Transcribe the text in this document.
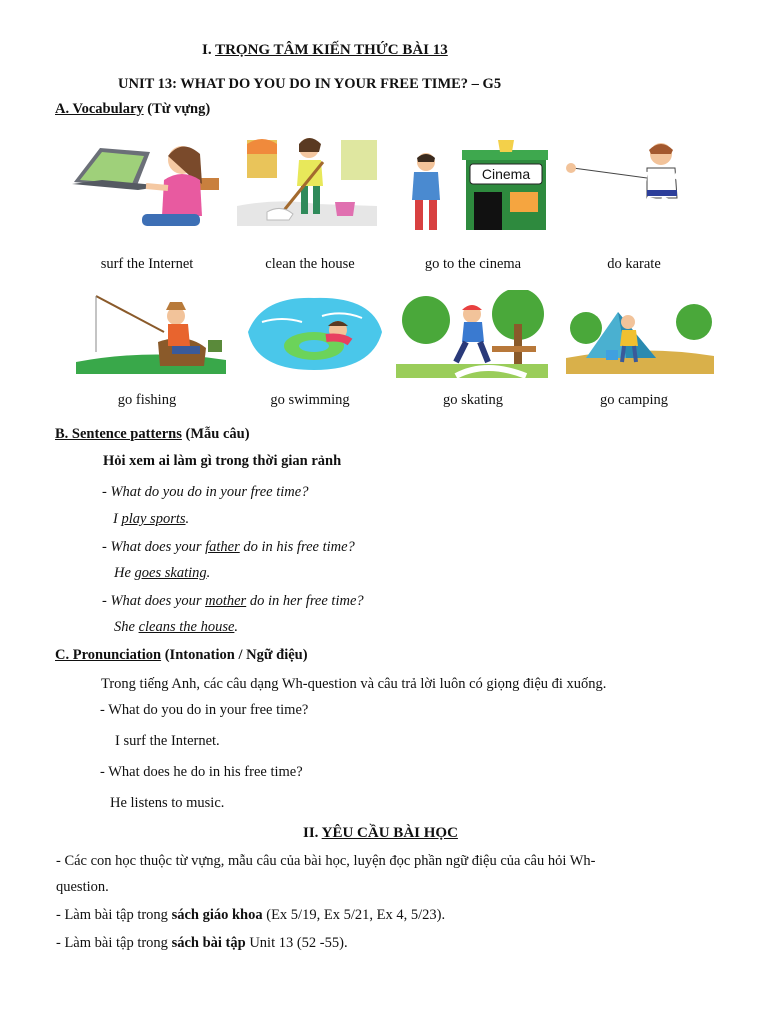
I. TRỌNG TÂM KIẾN THỨC BÀI 13
UNIT 13: WHAT DO YOU DO IN YOUR FREE TIME? – G5
A. Vocabulary (Từ vựng)
Cinema
surf the Internet	clean the house	go to the cinema	do karate
go fishing	go swimming	go skating	go camping
B. Sentence patterns (Mẫu câu)
Hỏi xem ai làm gì trong thời gian rảnh
- What do you do in your free time?
I play sports.
- What does your father do in his free time?
He goes skating.
- What does your mother do in her free time?
She cleans the house.
C. Pronunciation (Intonation / Ngữ điệu)
Trong tiếng Anh, các câu dạng Wh-question và câu trả lời luôn có giọng điệu đi xuống.
- What do you do in your free time?
I surf the Internet.
- What does he do in his free time?
He listens to music.
II. YÊU CẦU BÀI HỌC
- Các con học thuộc từ vựng, mẫu câu của bài học, luyện đọc phần ngữ điệu của câu hỏi Wh-
question.
- Làm bài tập trong sách giáo khoa (Ex 5/19, Ex 5/21, Ex 4, 5/23).
- Làm bài tập trong sách bài tập Unit 13 (52 -55).
